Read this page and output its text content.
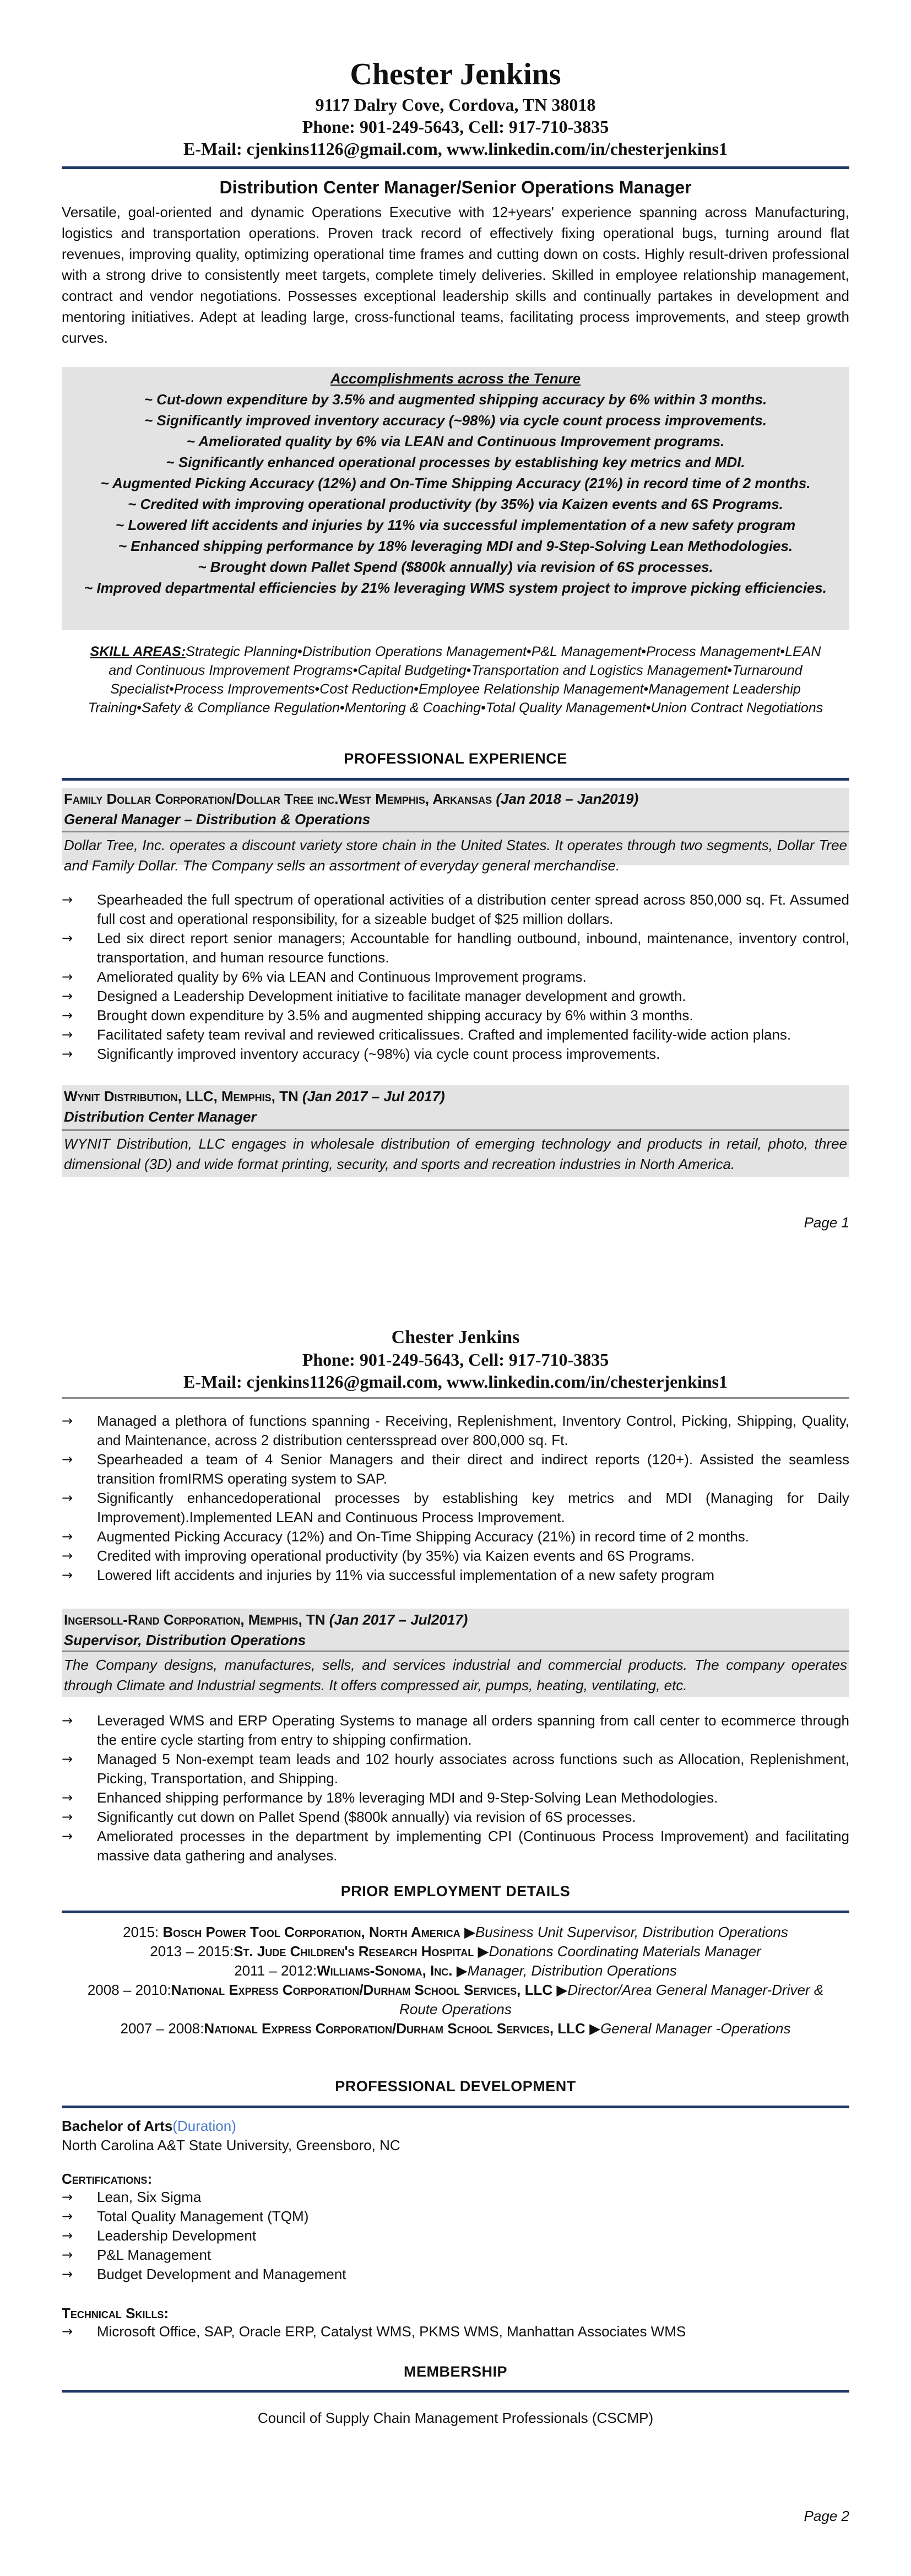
Chester Jenkins
9117 Dalry Cove, Cordova, TN 38018
Phone: 901-249-5643, Cell: 917-710-3835
E-Mail: cjenkins1126@gmail.com, www.linkedin.com/in/chesterjenkins1
Distribution Center Manager/Senior Operations Manager
Versatile, goal-oriented and dynamic Operations Executive with 12+years' experience spanning across Manufacturing, logistics and transportation operations. Proven track record of effectively fixing operational bugs, turning around flat revenues, improving quality, optimizing operational time frames and cutting down on costs. Highly result-driven professional with a strong drive to consistently meet targets, complete timely deliveries. Skilled in employee relationship management, contract and vendor negotiations. Possesses exceptional leadership skills and continually partakes in development and mentoring initiatives. Adept at leading large, cross-functional teams, facilitating process improvements, and steep growth curves.
Accomplishments across the Tenure
~ Cut-down expenditure by 3.5% and augmented shipping accuracy by 6% within 3 months.
~ Significantly improved inventory accuracy (~98%) via cycle count process improvements.
~ Ameliorated quality by 6% via LEAN and Continuous Improvement programs.
~ Significantly enhanced operational processes by establishing key metrics and MDI.
~ Augmented Picking Accuracy (12%) and On-Time Shipping Accuracy (21%) in record time of 2 months.
~ Credited with improving operational productivity (by 35%) via Kaizen events and 6S Programs.
~ Lowered lift accidents and injuries by 11% via successful implementation of a new safety program
~ Enhanced shipping performance by 18% leveraging MDI and 9-Step-Solving Lean Methodologies.
~ Brought down Pallet Spend ($800k annually) via revision of 6S processes.
~ Improved departmental efficiencies by 21% leveraging WMS system project to improve picking efficiencies.
SKILL AREAS:Strategic Planning•Distribution Operations Management•P&L Management•Process Management•LEAN and Continuous Improvement Programs•Capital Budgeting•Transportation and Logistics Management•Turnaround Specialist•Process Improvements•Cost Reduction•Employee Relationship Management•Management Leadership Training•Safety & Compliance Regulation•Mentoring & Coaching•Total Quality Management•Union Contract Negotiations
PROFESSIONAL EXPERIENCE
Family Dollar Corporation/Dollar Tree inc.West Memphis, Arkansas (Jan 2018 – Jan2019)
General Manager – Distribution & Operations
Dollar Tree, Inc. operates a discount variety store chain in the United States. It operates through two segments, Dollar Tree and Family Dollar. The Company sells an assortment of everyday general merchandise.
→ Spearheaded the full spectrum of operational activities of a distribution center spread across 850,000 sq. Ft. Assumed full cost and operational responsibility, for a sizeable budget of $25 million dollars.
→ Led six direct report senior managers; Accountable for handling outbound, inbound, maintenance, inventory control, transportation, and human resource functions.
→ Ameliorated quality by 6% via LEAN and Continuous Improvement programs.
→ Designed a Leadership Development initiative to facilitate manager development and growth.
→ Brought down expenditure by 3.5% and augmented shipping accuracy by 6% within 3 months.
→ Facilitated safety team revival and reviewed criticalissues. Crafted and implemented facility-wide action plans.
→ Significantly improved inventory accuracy (~98%) via cycle count process improvements.
Wynit Distribution, LLC, Memphis, TN (Jan 2017 – Jul 2017)
Distribution Center Manager
WYNIT Distribution, LLC engages in wholesale distribution of emerging technology and products in retail, photo, three dimensional (3D) and wide format printing, security, and sports and recreation industries in North America.
Page 1
Chester Jenkins
Phone: 901-249-5643, Cell: 917-710-3835
E-Mail: cjenkins1126@gmail.com, www.linkedin.com/in/chesterjenkins1
→ Managed a plethora of functions spanning - Receiving, Replenishment, Inventory Control, Picking, Shipping, Quality, and Maintenance, across 2 distribution centersspread over 800,000 sq. Ft.
→ Spearheaded a team of 4 Senior Managers and their direct and indirect reports (120+). Assisted the seamless transition fromIRMS operating system to SAP.
→ Significantly enhancedoperational processes by establishing key metrics and MDI (Managing for Daily Improvement).Implemented LEAN and Continuous Process Improvement.
→ Augmented Picking Accuracy (12%) and On-Time Shipping Accuracy (21%) in record time of 2 months.
→ Credited with improving operational productivity (by 35%) via Kaizen events and 6S Programs.
→ Lowered lift accidents and injuries by 11% via successful implementation of a new safety program
Ingersoll-Rand Corporation, Memphis, TN (Jan 2017 – Jul2017)
Supervisor, Distribution Operations
The Company designs, manufactures, sells, and services industrial and commercial products. The company operates through Climate and Industrial segments. It offers compressed air, pumps, heating, ventilating, etc.
→ Leveraged WMS and ERP Operating Systems to manage all orders spanning from call center to ecommerce through the entire cycle starting from entry to shipping confirmation.
→ Managed 5 Non-exempt team leads and 102 hourly associates across functions such as Allocation, Replenishment, Picking, Transportation, and Shipping.
→ Enhanced shipping performance by 18% leveraging MDI and 9-Step-Solving Lean Methodologies.
→ Significantly cut down on Pallet Spend ($800k annually) via revision of 6S processes.
→ Ameliorated processes in the department by implementing CPI (Continuous Process Improvement) and facilitating massive data gathering and analyses.
PRIOR EMPLOYMENT DETAILS
2015: Bosch Power Tool Corporation, North America ▶Business Unit Supervisor, Distribution Operations
2013 – 2015:St. Jude Children's Research Hospital ▶Donations Coordinating Materials Manager
2011 – 2012:Williams-Sonoma, Inc. ▶Manager, Distribution Operations
2008 – 2010:National Express Corporation/Durham School Services, LLC ▶Director/Area General Manager-Driver & Route Operations
2007 – 2008:National Express Corporation/Durham School Services, LLC ▶General Manager -Operations
PROFESSIONAL DEVELOPMENT
Bachelor of Arts(Duration)
North Carolina A&T State University, Greensboro, NC
Certifications:
→ Lean, Six Sigma
→ Total Quality Management (TQM)
→ Leadership Development
→ P&L Management
→ Budget Development and Management
Technical Skills:
→ Microsoft Office, SAP, Oracle ERP, Catalyst WMS, PKMS WMS, Manhattan Associates WMS
MEMBERSHIP
Council of Supply Chain Management Professionals (CSCMP)
Page 2
